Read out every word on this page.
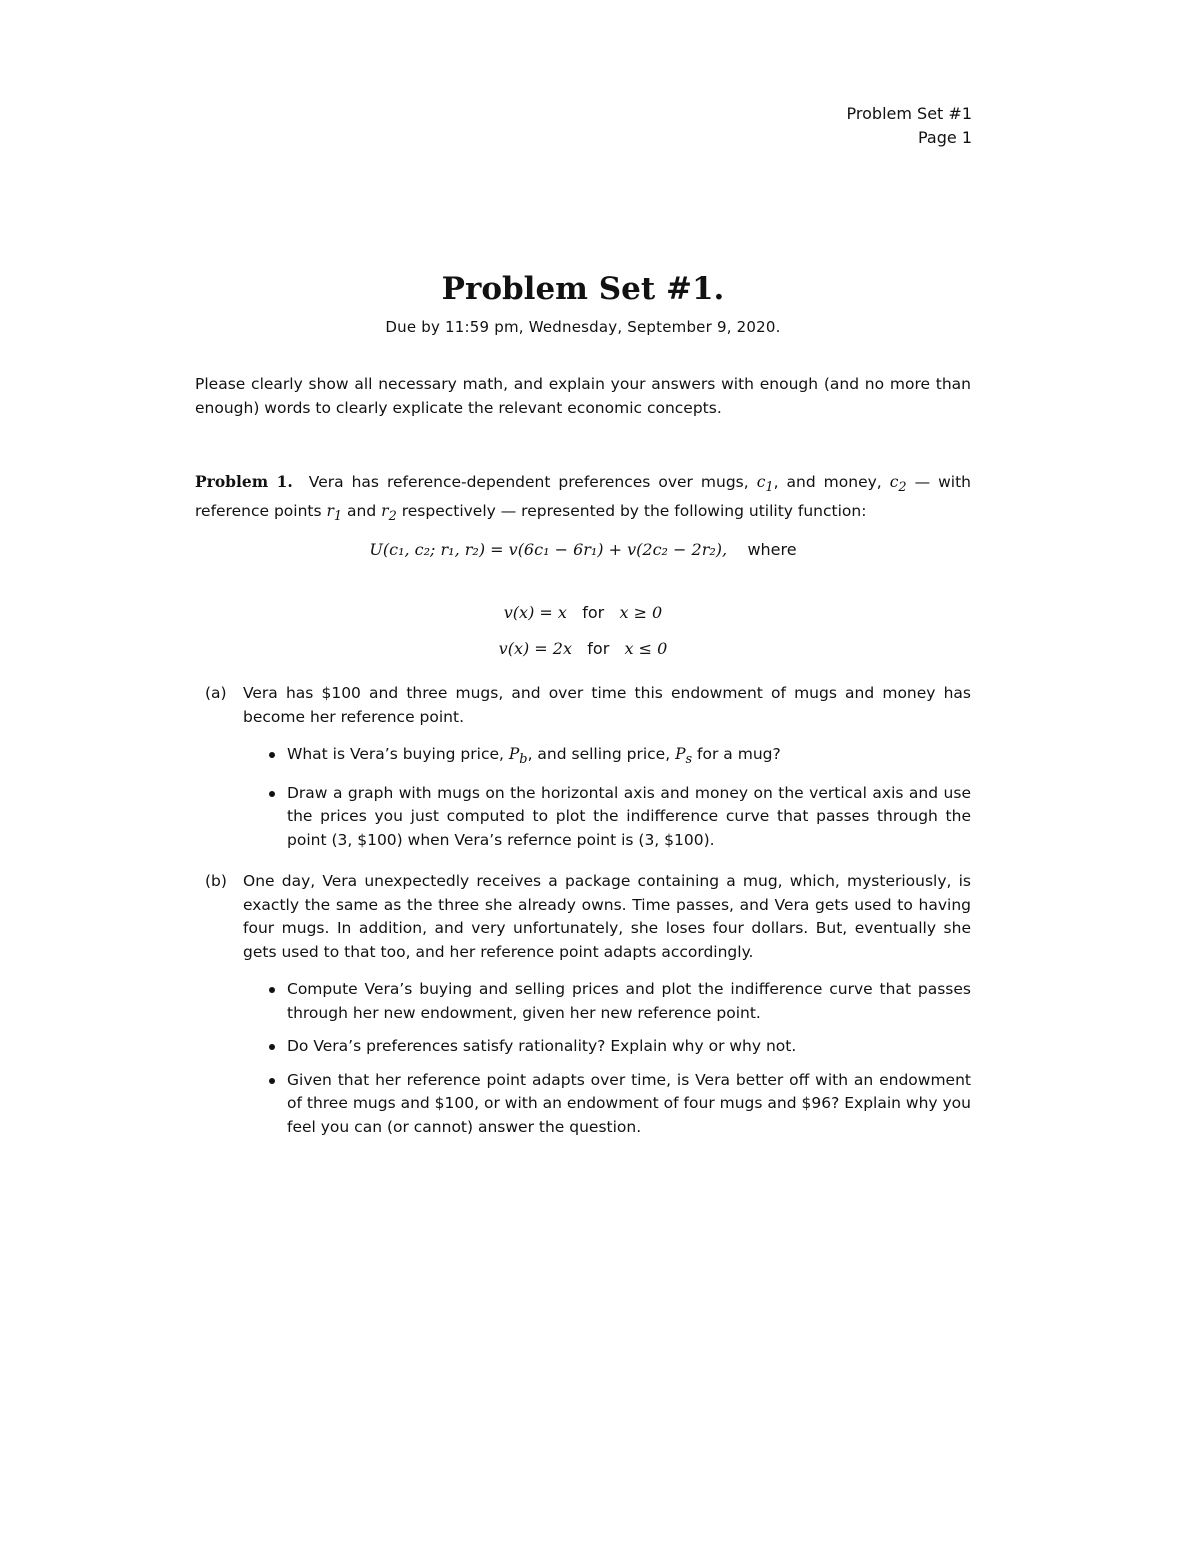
Problem Set #1
Page 1
Problem Set #1.
Due by 11:59 pm, Wednesday, September 9, 2020.
Please clearly show all necessary math, and explain your answers with enough (and no more than enough) words to clearly explicate the relevant economic concepts.
Problem 1. Vera has reference-dependent preferences over mugs, $c_1$, and money, $c_2$ — with reference points $r_1$ and $r_2$ respectively — represented by the following utility function:
U(c₁, c₂; r₁, r₂) = v(6c₁ − 6r₁) + v(2c₂ − 2r₂), where
v(x) = x for x ≥ 0
v(x) = 2x for x ≤ 0
(a) Vera has $100 and three mugs, and over time this endowment of mugs and money has become her reference point.
What is Vera’s buying price, $P_b$, and selling price, $P_s$ for a mug?
Draw a graph with mugs on the horizontal axis and money on the vertical axis and use the prices you just computed to plot the indifference curve that passes through the point (3, $100) when Vera’s refernce point is (3, $100).
(b) One day, Vera unexpectedly receives a package containing a mug, which, mysteriously, is exactly the same as the three she already owns. Time passes, and Vera gets used to having four mugs. In addition, and very unfortunately, she loses four dollars. But, eventually she gets used to that too, and her reference point adapts accordingly.
Compute Vera’s buying and selling prices and plot the indifference curve that passes through her new endowment, given her new reference point.
Do Vera’s preferences satisfy rationality? Explain why or why not.
Given that her reference point adapts over time, is Vera better off with an endowment of three mugs and $100, or with an endowment of four mugs and $96? Explain why you feel you can (or cannot) answer the question.
